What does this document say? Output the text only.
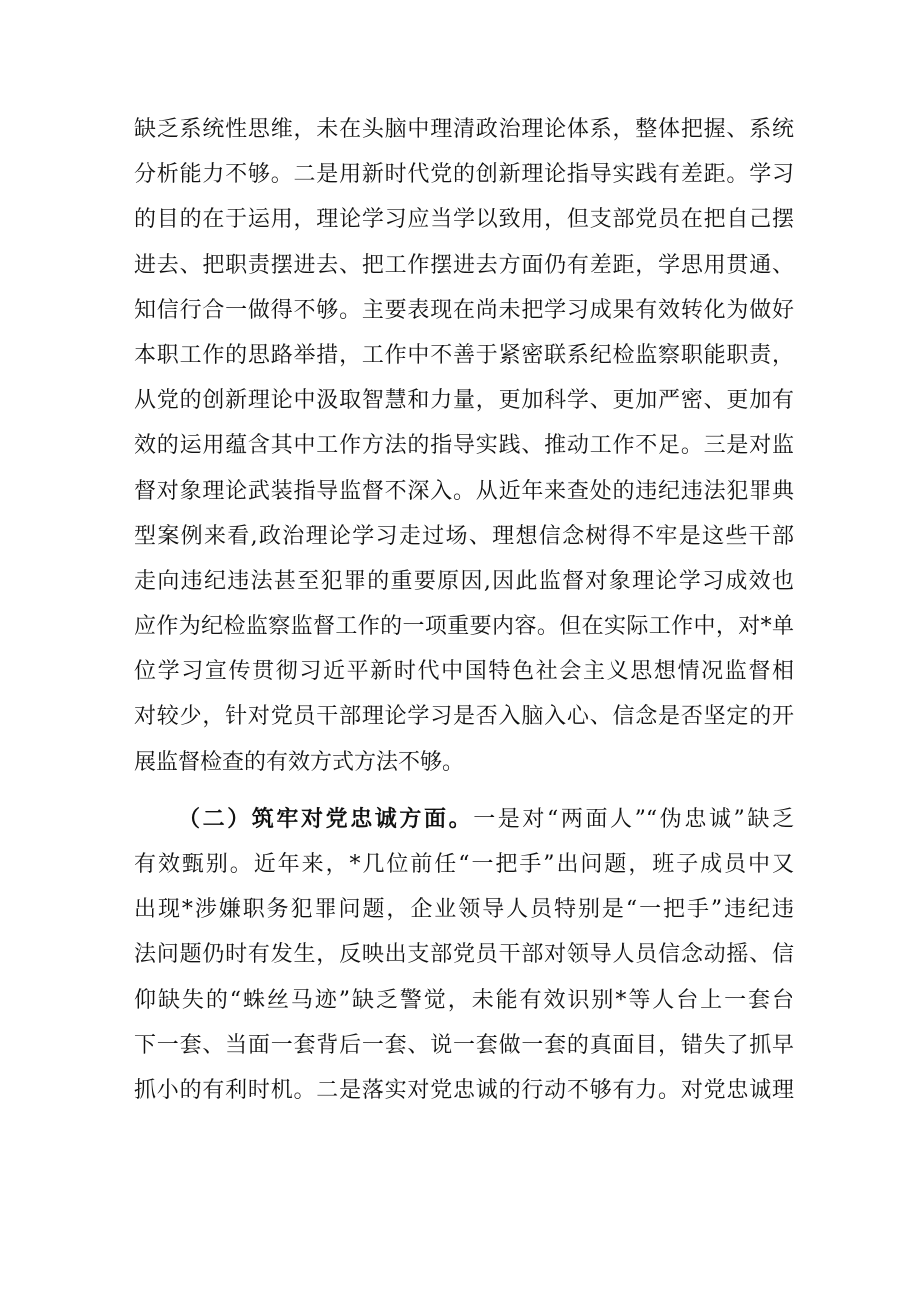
缺乏系统性思维，未在头脑中理清政治理论体系，整体把握、系统
分析能力不够。二是用新时代党的创新理论指导实践有差距。学习
的目的在于运用，理论学习应当学以致用，但支部党员在把自己摆
进去、把职责摆进去、把工作摆进去方面仍有差距，学思用贯通、
知信行合一做得不够。主要表现在尚未把学习成果有效转化为做好
本职工作的思路举措，工作中不善于紧密联系纪检监察职能职责，
从党的创新理论中汲取智慧和力量，更加科学、更加严密、更加有
效的运用蕴含其中工作方法的指导实践、推动工作不足。三是对监
督对象理论武装指导监督不深入。从近年来查处的违纪违法犯罪典
型案例来看,政治理论学习走过场、理想信念树得不牢是这些干部
走向违纪违法甚至犯罪的重要原因,因此监督对象理论学习成效也
应作为纪检监察监督工作的一项重要内容。但在实际工作中，对*单
位学习宣传贯彻习近平新时代中国特色社会主义思想情况监督相
对较少，针对党员干部理论学习是否入脑入心、信念是否坚定的开
展监督检查的有效方式方法不够。
（二）筑牢对党忠诚方面。一是对“两面人”“伪忠诚”缺乏
有效甄别。近年来，*几位前任“一把手”出问题，班子成员中又
出现*涉嫌职务犯罪问题，企业领导人员特别是“一把手”违纪违
法问题仍时有发生，反映出支部党员干部对领导人员信念动摇、信
仰缺失的“蛛丝马迹”缺乏警觉，未能有效识别*等人台上一套台
下一套、当面一套背后一套、说一套做一套的真面目，错失了抓早
抓小的有利时机。二是落实对党忠诚的行动不够有力。对党忠诚理
